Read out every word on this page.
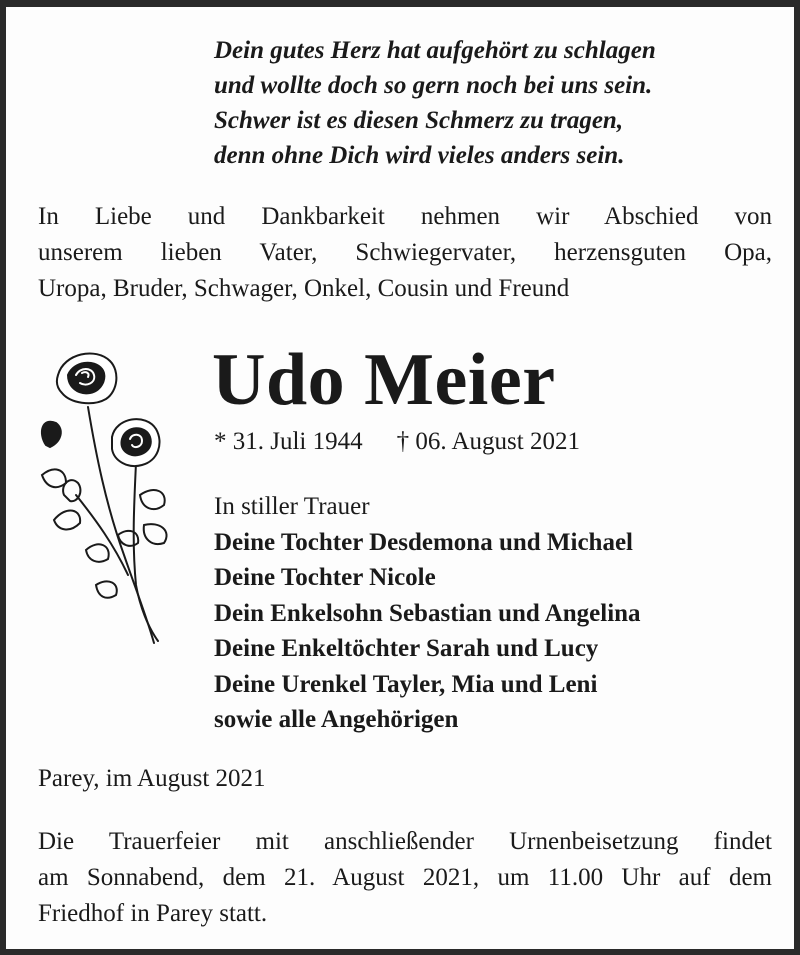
Dein gutes Herz hat aufgehört zu schlagen
und wollte doch so gern noch bei uns sein.
Schwer ist es diesen Schmerz zu tragen,
denn ohne Dich wird vieles anders sein.
In Liebe und Dankbarkeit nehmen wir Abschied von
unserem lieben Vater, Schwiegervater, herzensguten Opa,
Uropa, Bruder, Schwager, Onkel, Cousin und Freund
Udo Meier
* 31. Juli 1944 † 06. August 2021
In stiller Trauer
Deine Tochter Desdemona und Michael
Deine Tochter Nicole
Dein Enkelsohn Sebastian und Angelina
Deine Enkeltöchter Sarah und Lucy
Deine Urenkel Tayler, Mia und Leni
sowie alle Angehörigen
Parey, im August 2021
Die Trauerfeier mit anschließender Urnenbeisetzung findet
am Sonnabend, dem 21. August 2021, um 11.00 Uhr auf dem
Friedhof in Parey statt.
